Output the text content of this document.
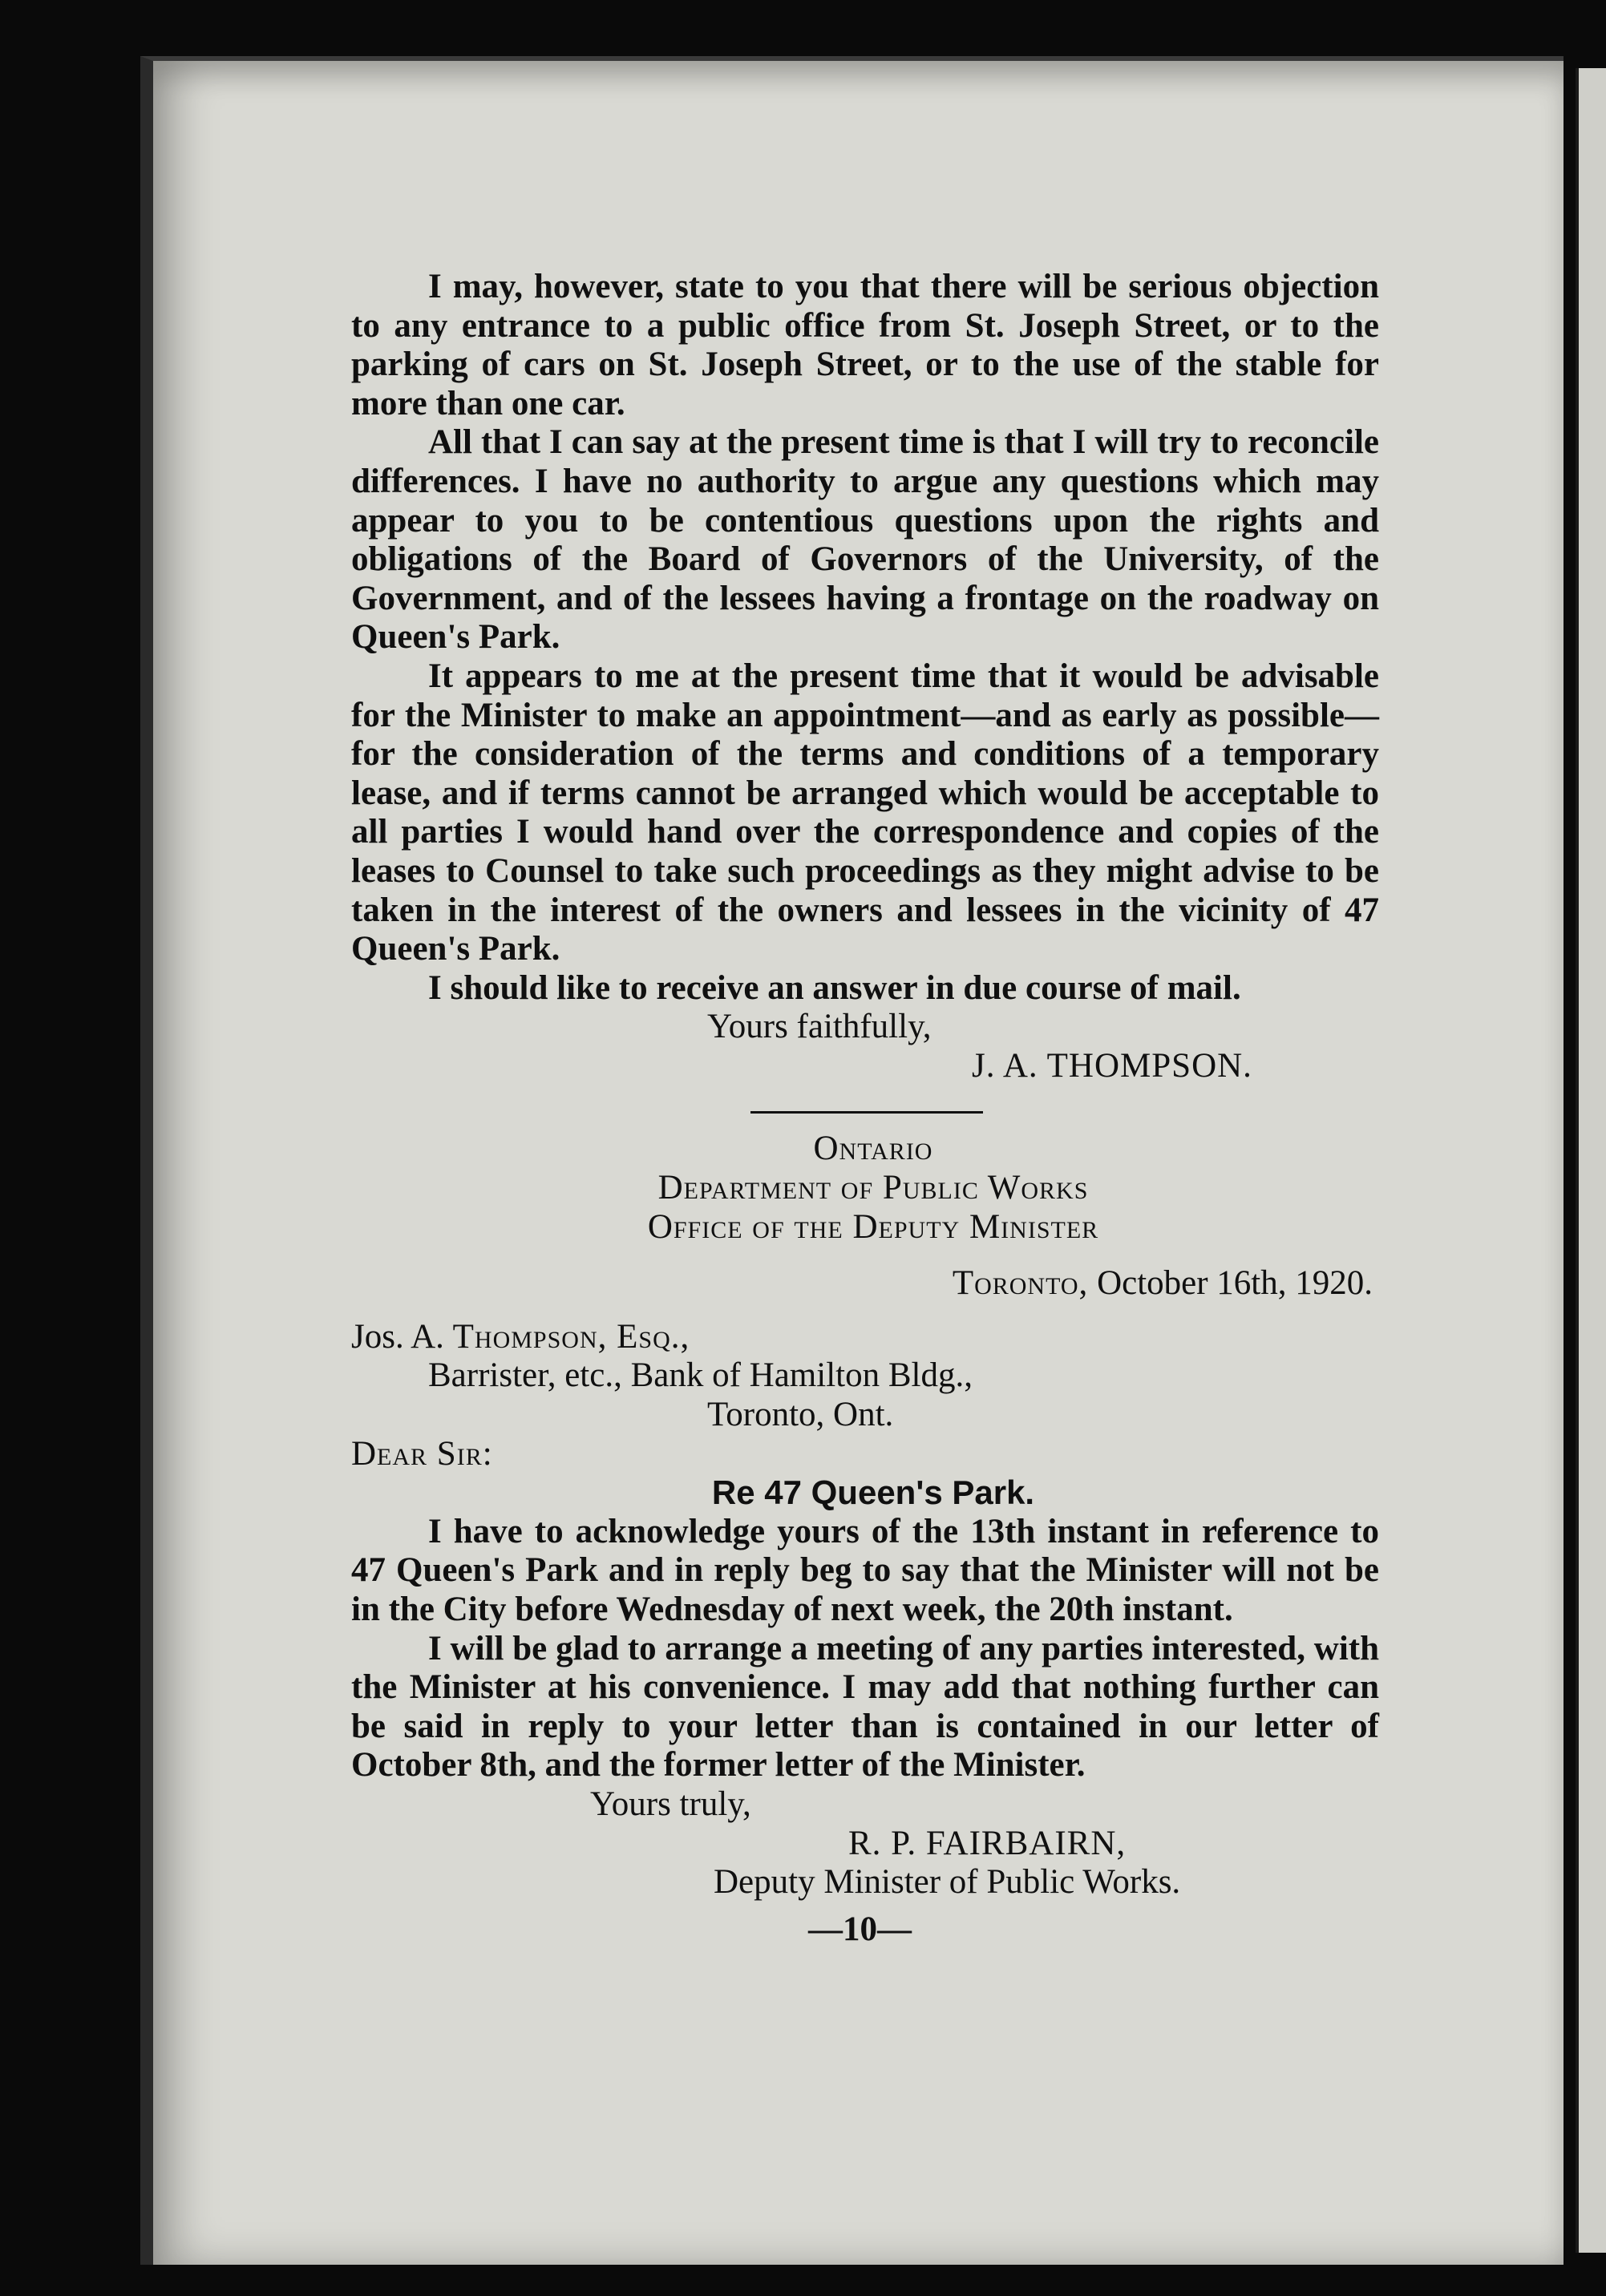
I may, however, state to you that there will be serious objection to any entrance to a public office from St. Joseph Street, or to the parking of cars on St. Joseph Street, or to the use of the stable for more than one car.

All that I can say at the present time is that I will try to reconcile differences. I have no authority to argue any questions which may appear to you to be contentious questions upon the rights and obligations of the Board of Governors of the University, of the Government, and of the lessees having a frontage on the roadway on Queen's Park.

It appears to me at the present time that it would be advisable for the Minister to make an appointment—and as early as possible—for the consideration of the terms and conditions of a temporary lease, and if terms cannot be arranged which would be acceptable to all parties I would hand over the correspondence and copies of the leases to Counsel to take such proceedings as they might advise to be taken in the interest of the owners and lessees in the vicinity of 47 Queen's Park.

I should like to receive an answer in due course of mail.

Yours faithfully,
J. A. THOMPSON.
Ontario
Department of Public Works
Office of the Deputy Minister
Toronto, October 16th, 1920.
Jos. A. Thompson, Esq.,
Barrister, etc., Bank of Hamilton Bldg.,
Toronto, Ont.
Dear Sir:
Re 47 Queen's Park.

I have to acknowledge yours of the 13th instant in reference to 47 Queen's Park and in reply beg to say that the Minister will not be in the City before Wednesday of next week, the 20th instant.

I will be glad to arrange a meeting of any parties interested, with the Minister at his convenience. I may add that nothing further can be said in reply to your letter than is contained in our letter of October 8th, and the former letter of the Minister.

Yours truly,
R. P. FAIRBAIRN,
Deputy Minister of Public Works.
—10—
